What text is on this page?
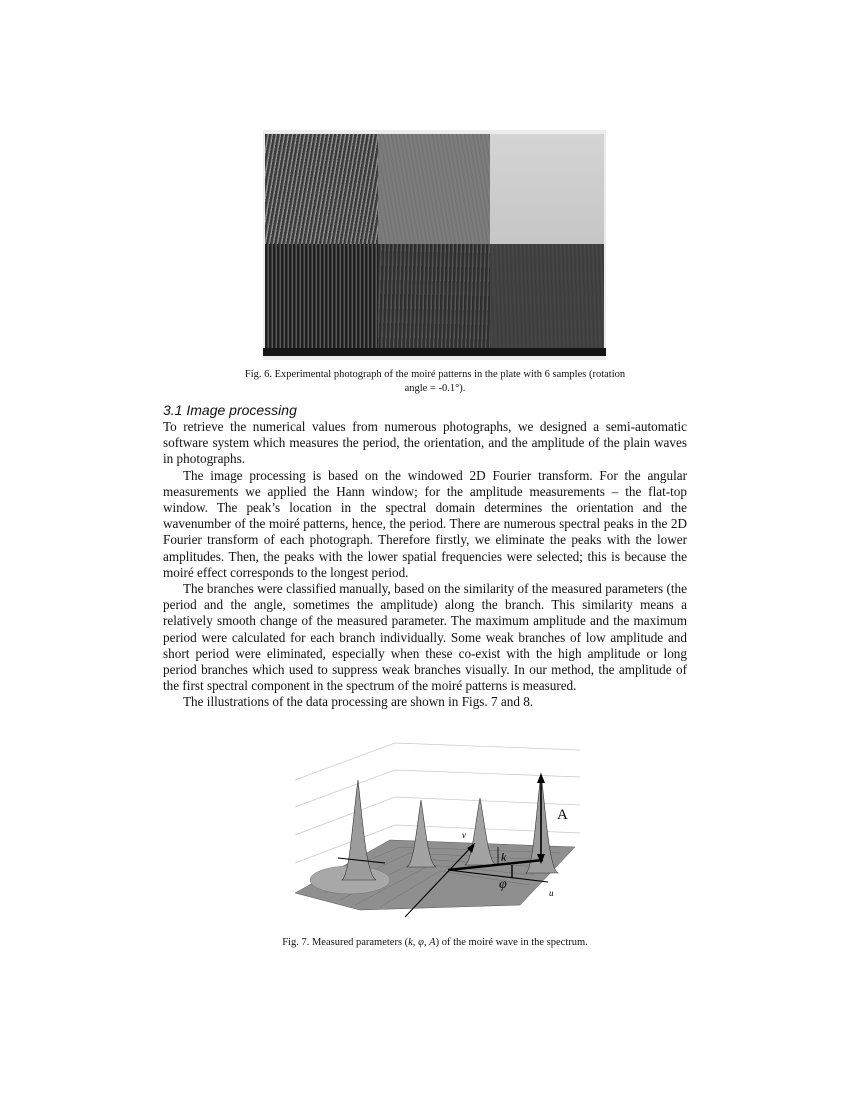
Fig. 6. Experimental photograph of the moiré patterns in the plate with 6 samples (rotation
angle = -0.1°).
3.1 Image processing

To retrieve the numerical values from numerous photographs, we designed a semi-automatic software system which measures the period, the orientation, and the amplitude of the plain waves in photographs.

The image processing is based on the windowed 2D Fourier transform. For the angular measurements we applied the Hann window; for the amplitude measurements – the flat-top window. The peak’s location in the spectral domain determines the orientation and the wavenumber of the moiré patterns, hence, the period. There are numerous spectral peaks in the 2D Fourier transform of each photograph. Therefore firstly, we eliminate the peaks with the lower amplitudes. Then, the peaks with the lower spatial frequencies were selected; this is because the moiré effect corresponds to the longest period.

The branches were classified manually, based on the similarity of the measured parameters (the period and the angle, sometimes the amplitude) along the branch. This similarity means a relatively smooth change of the measured parameter. The maximum amplitude and the maximum period were calculated for each branch individually. Some weak branches of low amplitude and short period were eliminated, especially when these co-exist with the high amplitude or long period branches which used to suppress weak branches visually. In our method, the amplitude of the first spectral component in the spectrum of the moiré patterns is measured.

The illustrations of the data processing are shown in Figs. 7 and 8.

A
k
φ
u
v
Fig. 7. Measured parameters (k, φ, A) of the moiré wave in the spectrum.
